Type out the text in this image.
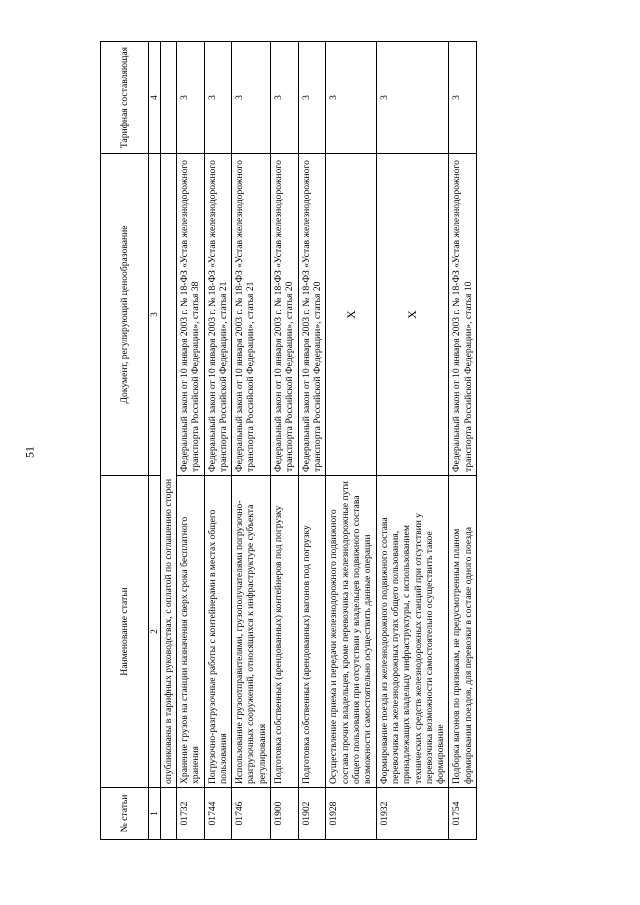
51
№ статьи	Наименование статьи	Документ, регулирующий ценообразование	Тарифная составляющая
1	2	3	4
	опубликованы в тарифных руководствах, с оплатой по соглашению сторон		
01732	Хранение грузов на станции назначения сверх срока бесплатного хранения	Федеральный закон от 10 января 2003 г. № 18-ФЗ «Устав железнодорожного транспорта Российской Федерации», статья 38	3
01744	Погрузочно-разгрузочные работы с контейнерами в местах общего пользования	Федеральный закон от 10 января 2003 г. № 18-ФЗ «Устав железнодорожного транспорта Российской Федерации», статья 21	3
01746	Использование грузоотправителями, грузополучателями погрузочно-разгрузочных сооружений, относящихся к инфраструктуре субъекта регулирования	Федеральный закон от 10 января 2003 г. № 18-ФЗ «Устав железнодорожного транспорта Российской Федерации», статья 21	3
01900	Подготовка собственных (арендованных) контейнеров под погрузку	Федеральный закон от 10 января 2003 г. № 18-ФЗ «Устав железнодорожного транспорта Российской Федерации», статья 20	3
01902	Подготовка собственных (арендованных) вагонов под погрузку	Федеральный закон от 10 января 2003 г. № 18-ФЗ «Устав железнодорожного транспорта Российской Федерации», статья 20	3
01928	Осуществление приема и передачи железнодорожного подвижного состава прочих владельцев, кроме перевозчика на железнодорожные пути общего пользования при отсутствии у владельцев подвижного состава возможности самостоятельно осуществить данные операции	Х	3
01932	Формирование поезда из железнодорожного подвижного состава перевозчика на железнодорожных путях общего пользования, принадлежащих владельцу инфраструктуры, с использованием технических средств железнодорожных станций при отсутствии у перевозчика возможности самостоятельно осуществить такое формирование	Х	3
01754	Подборка вагонов по признакам, не предусмотренным планом формирования поездов, для перевозки в составе одного поезда	Федеральный закон от 10 января 2003 г. № 18-ФЗ «Устав железнодорожного транспорта Российской Федерации», статья 10	3
